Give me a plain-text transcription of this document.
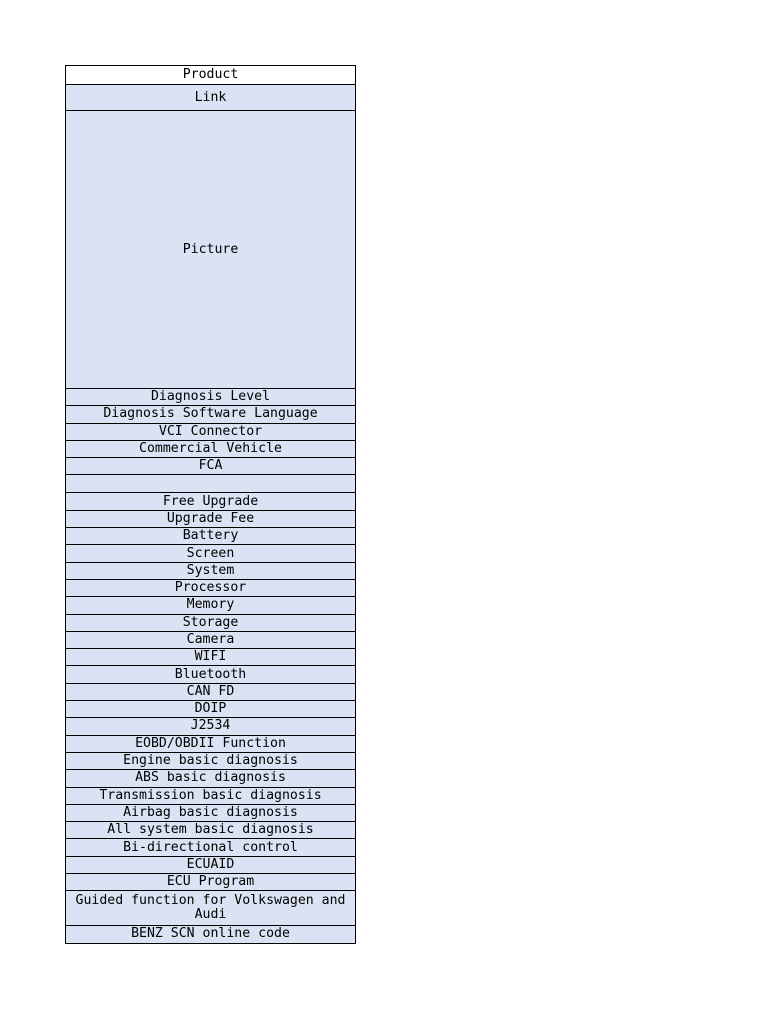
Product
Link
Picture
Diagnosis Level
Diagnosis Software Language
VCI Connector
Commercial Vehicle
FCA

Free Upgrade
Upgrade Fee
Battery
Screen
System
Processor
Memory
Storage
Camera
WIFI
Bluetooth
CAN FD
DOIP
J2534
EOBD/OBDII Function
Engine basic diagnosis
ABS basic diagnosis
Transmission basic diagnosis
Airbag basic diagnosis
All system basic diagnosis
Bi-directional control
ECUAID
ECU Program
Guided function for Volkswagen and Audi
BENZ SCN online code
